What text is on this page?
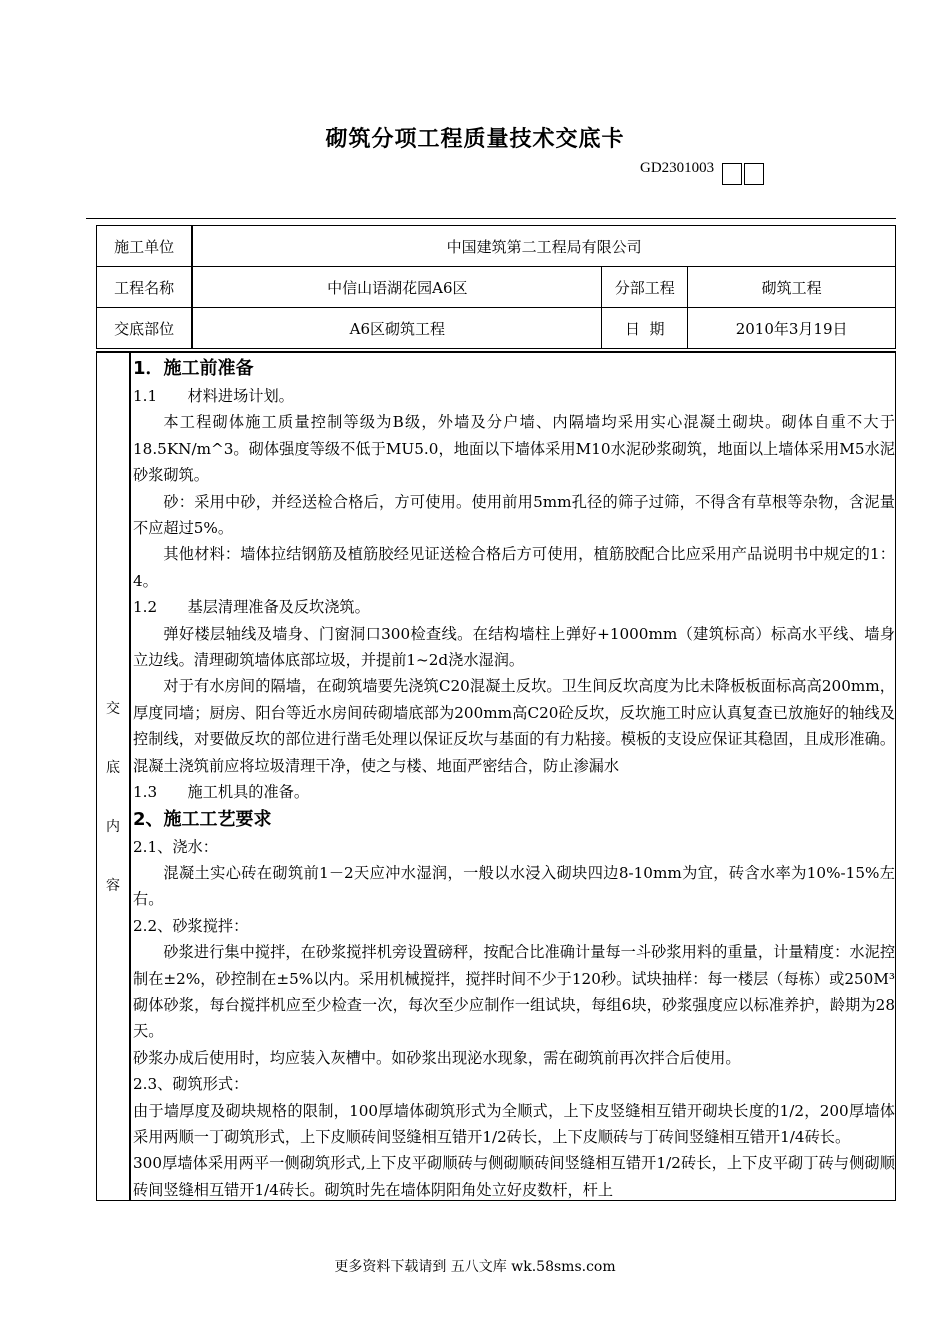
砌筑分项工程质量技术交底卡
GD2301003
施工单位	中国建筑第二工程局有限公司		
工程名称	中信山语湖花园A6区	分部工程	砌筑工程
交底部位	A6区砌筑工程	日  期	2010年3月19日
交
底
内
容

1．施工前准备

1.1　　材料进场计划。

本工程砌体施工质量控制等级为B级，外墙及分户墙、内隔墙均采用实心混凝土砌块。砌体自重不大于18.5KN/m^3。砌体强度等级不低于MU5.0，地面以下墙体采用M10水泥砂浆砌筑，地面以上墙体采用M5水泥砂浆砌筑。

砂：采用中砂，并经送检合格后，方可使用。使用前用5mm孔径的筛子过筛，不得含有草根等杂物，含泥量不应超过5%。

其他材料：墙体拉结钢筋及植筋胶经见证送检合格后方可使用，植筋胶配合比应采用产品说明书中规定的1：4。

1.2　　基层清理准备及反坎浇筑。

弹好楼层轴线及墙身、门窗洞口300检查线。在结构墙柱上弹好+1000mm（建筑标高）标高水平线、墙身立边线。清理砌筑墙体底部垃圾，并提前1~2d浇水湿润。

对于有水房间的隔墙，在砌筑墙要先浇筑C20混凝土反坎。卫生间反坎高度为比未降板板面标高高200mm，厚度同墙；厨房、阳台等近水房间砖砌墙底部为200mm高C20砼反坎，反坎施工时应认真复查已放施好的轴线及控制线，对要做反坎的部位进行凿毛处理以保证反坎与基面的有力粘接。模板的支设应保证其稳固，且成形准确。混凝土浇筑前应将垃圾清理干净，使之与楼、地面严密结合，防止渗漏水

1.3　　施工机具的准备。

2、施工工艺要求

2.1、浇水：

混凝土实心砖在砌筑前1－2天应冲水湿润，一般以水浸入砌块四边8-10mm为宜，砖含水率为10%-15%左右。

2.2、砂浆搅拌：

砂浆进行集中搅拌，在砂浆搅拌机旁设置磅秤，按配合比准确计量每一斗砂浆用料的重量，计量精度：水泥控制在±2%，砂控制在±5%以内。采用机械搅拌，搅拌时间不少于120秒。试块抽样：每一楼层（每栋）或250M³砌体砂浆，每台搅拌机应至少检查一次，每次至少应制作一组试块，每组6块，砂浆强度应以标准养护，龄期为28天。

砂浆办成后使用时，均应装入灰槽中。如砂浆出现泌水现象，需在砌筑前再次拌合后使用。

2.3、砌筑形式：

由于墙厚度及砌块规格的限制，100厚墙体砌筑形式为全顺式，上下皮竖缝相互错开砌块长度的1/2，200厚墙体采用两顺一丁砌筑形式，上下皮顺砖间竖缝相互错开1/2砖长，上下皮顺砖与丁砖间竖缝相互错开1/4砖长。

300厚墙体采用两平一侧砌筑形式,上下皮平砌顺砖与侧砌顺砖间竖缝相互错开1/2砖长，上下皮平砌丁砖与侧砌顺砖间竖缝相互错开1/4砖长。砌筑时先在墙体阴阳角处立好皮数杆，杆上

更多资料下载请到 五八文库 wk.58sms.com
